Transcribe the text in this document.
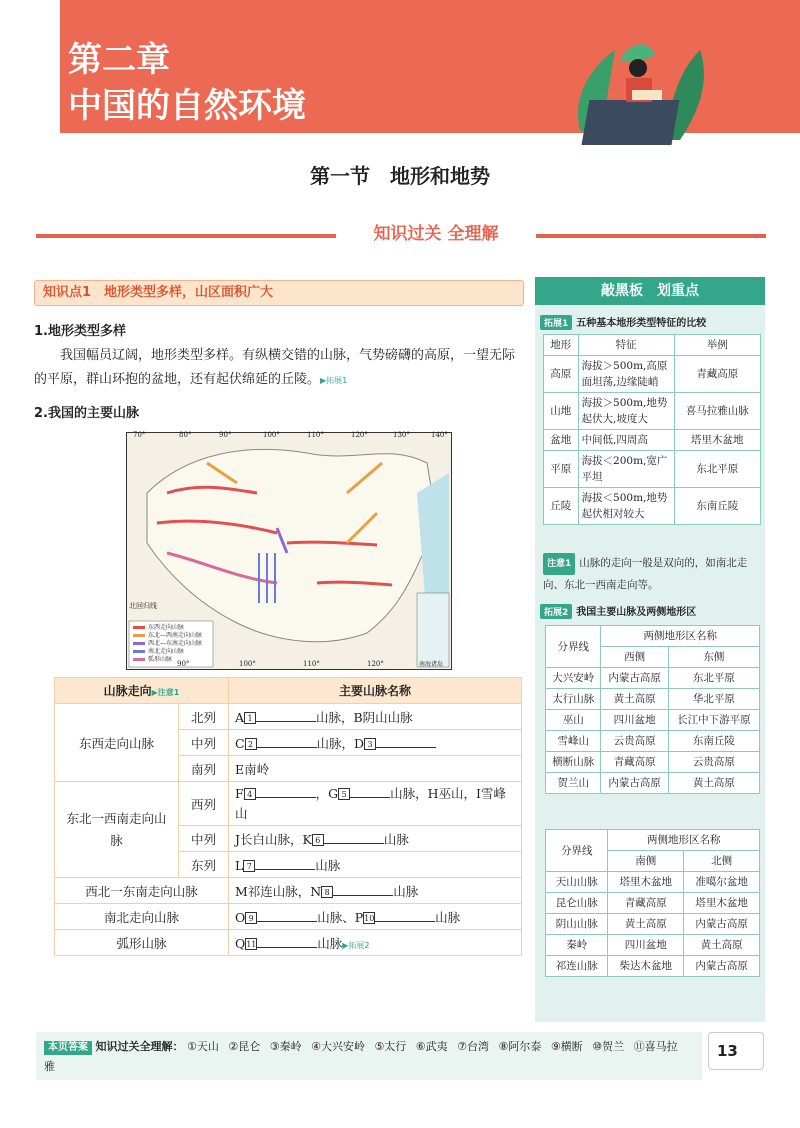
第二章
中国的自然环境
第一节　地形和地势
知识过关 全理解
知识点1　地形类型多样，山区面积广大
1.地形类型多样
我国幅员辽阔，地形类型多样。有纵横交错的山脉，气势磅礴的高原，一望无际的平原，群山环抱的盆地，还有起伏绵延的丘陵。▶拓展1
2.我国的主要山脉
70°	80°	90°	100°	110°	120°	130°	140°
90°	100°	110°	120°
北回归线
南海诸岛
东西走向山脉
东北—西南走向山脉
西北—东南走向山脉
南北走向山脉
弧形山脉
山脉走向▶注意1		主要山脉名称
东西走向山脉	北列	A 1 山脉，B阴山山脉
	中列	C 2 山脉，D 3
	南列	E南岭
东北一西南走向山脉	西列	F 4 ，G 5 山脉，H巫山，I雪峰山
	中列	J长白山脉，K 6 山脉
	东列	L 7 山脉
西北一东南走向山脉		M祁连山脉，N 8 山脉
南北走向山脉		O 9 山脉、P10 山脉
弧形山脉		Q11 山脉▶拓展2
敲黑板　划重点
拓展1 五种基本地形类型特征的比较
地形	特征	举例
高原	海拔＞500m,高原面坦荡,边缘陡峭	青藏高原
山地	海拔＞500m,地势起伏大,坡度大	喜马拉雅山脉
盆地	中间低,四周高	塔里木盆地
平原	海拔＜200m,宽广平坦	东北平原
丘陵	海拔＜500m,地势起伏相对较大	东南丘陵
注意1 山脉的走向一般是双向的，如南北走向、东北一西南走向等。
拓展2 我国主要山脉及两侧地形区
分界线	两侧地形区名称	
	西侧	东侧
大兴安岭	内蒙古高原	东北平原
太行山脉	黄土高原	华北平原
巫山	四川盆地	长江中下游平原
雪峰山	云贵高原	东南丘陵
横断山脉	青藏高原	云贵高原
贺兰山	内蒙古高原	黄土高原
分界线	两侧地形区名称	
	南侧	北侧
天山山脉	塔里木盆地	准噶尔盆地
昆仑山脉	青藏高原	塔里木盆地
阴山山脉	黄土高原	内蒙古高原
秦岭	四川盆地	黄土高原
祁连山脉	柴达木盆地	内蒙古高原
本页答案 知识过关全理解： ①天山 ②昆仑 ③秦岭 ④大兴安岭 ⑤太行 ⑥武夷 ⑦台湾 ⑧阿尔泰 ⑨横断 ⑩贺兰 ⑪喜马拉雅
13
